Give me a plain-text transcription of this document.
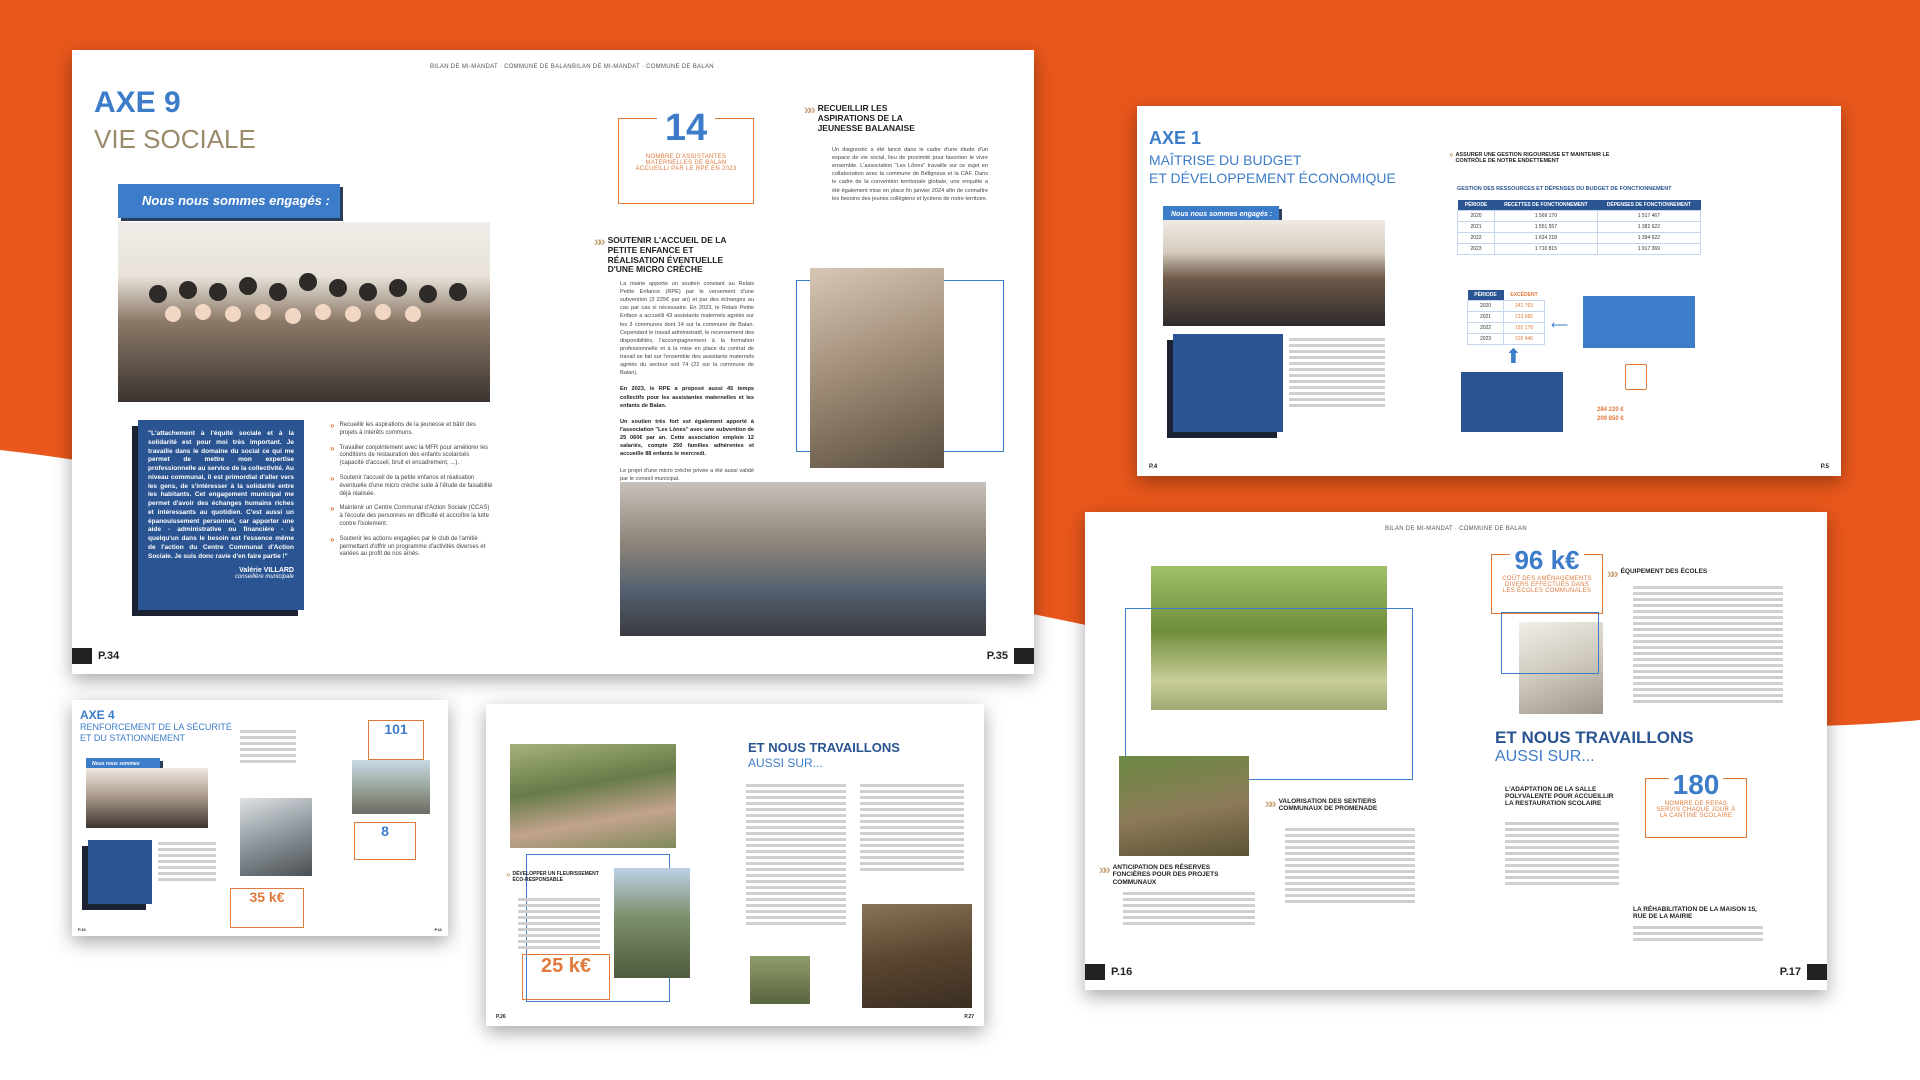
BILAN DE MI-MANDAT · COMMUNE DE BALAN BILAN DE MI-MANDAT · COMMUNE DE BALAN
AXE 9
VIE SOCIALE
Nous nous sommes engagés :

"L'attachement à l'équité sociale et à la solidarité est pour moi très important. Je travaille dans le domaine du social ce qui me permet de mettre mon expertise professionnelle au service de la collectivité. Au niveau communal, il est primordial d'aller vers les gens, de s'intéresser à la solidarité entre les habitants. Cet engagement municipal me permet d'avoir des échanges humains riches et intéressants au quotidien. C'est aussi un épanouissement personnel, car apporter une aide - administrative ou financière - à quelqu'un dans le besoin est l'essence même de l'action du Centre Communal d'Action Sociale. Je suis donc ravie d'en faire partie !"

Valérie VILLARD
conseillère municipale
» Recueillir les aspirations de la jeunesse et bâtir des projets à intérêts communs.
» Travailler conjointement avec la MFR pour améliorer les conditions de restauration des enfants scolarisés (capacité d'accueil, bruit et encadrement, ...).
» Soutenir l'accueil de la petite enfance et réalisation éventuelle d'une micro crèche suite à l'étude de faisabilité déjà réalisée.
» Maintenir un Centre Communal d'Action Sociale (CCAS) à l'écoute des personnes en difficulté et accroître la lutte contre l'isolement.
» Soutenir les actions engagées par le club de l'amitié permettant d'offrir un programme d'activités diverses et variées au profit de nos aînés.
P.34
14
NOMBRE D'ASSISTANTES MATERNELLES DE BALAN ACCUEILLI PAR LE RPE EN 2023
»» SOUTENIR L'ACCUEIL DE LA PETITE ENFANCE ET RÉALISATION ÉVENTUELLE D'UNE MICRO CRÈCHE
La mairie apporte un soutien constant au Relais Petite Enfance (RPE) par le versement d'une subvention (3 225€ par an) et par des échanges au cas par cas si nécessaire. En 2023, le Relais Petite Enface a accueilli 43 assistants maternels agréés sur les 3 communes dont 14 sur la commune de Balan. Cependant le travail administratif, le recensement des disponibilités, l'accompagnement à la formation professionnelle et à la mise en place du contrat de travail se fait sur l'ensemble des assistants maternels agréés du secteur soit 74 (22 sur la commune de Balan).

En 2023, le RPE a proposé aussi 45 temps collectifs pour les assistantes maternelles et les enfants de Balan.

Un soutien très fort est également apporté à l'association "Les Lônes" avec une subvention de 25 060€ par an. Cette association emploie 12 salariés, compte 250 familles adhérentes et accueille 88 enfants le mercredi.

Le projet d'une micro crèche privée a été aussi validé par le conseil municipal.
»» RECUEILLIR LES ASPIRATIONS DE LA JEUNESSE BALANAISE
Un diagnostic a été lancé dans le cadre d'une étude d'un espace de vie social, lieu de proximité pour favoriser le vivre ensemble. L'association "Les Lônes" travaille sur ce sujet en collaboration avec la commune de Béligneux et la CAF. Dans le cadre de la convention territoriale globale, une enquête a été également mise en place fin janvier 2024 afin de connaître les besoins des jeunes collégiens et lycéens de notre territoire.
P.35
AXE 1
MAÎTRISE DU BUDGET
ET DÉVELOPPEMENT ÉCONOMIQUE
Nous nous sommes engagés :
P.4
» ASSURER UNE GESTION RIGOUREUSE ET MAINTENIR LE CONTRÔLE DE NOTRE ENDETTEMENT
GESTION DES RESSOURCES ET DÉPENSES DU BUDGET DE FONCTIONNEMENT
PÉRIODE	RECETTES DE FONCTIONNEMENT	DÉPENSES DE FONCTIONNEMENT
2020	1 569 170	1 517 467
2021	1 551 557	1 382 622
2022	1 624 218	1 394 622
2023	1 710 815	1 917 369
PÉRIODE	EXCÉDENT
2020	241 763
2021	213 685
2022	192 178
2023	316 446
⟵
⬆
284 220 €
209 850 €
P.5
AXE 4
RENFORCEMENT DE LA SÉCURITÉ
ET DU STATIONNEMENT
Nous nous sommes
P.10
101
8
35 k€
P.11
» DÉVELOPPER UN FLEURISSEMENT ÉCO-RESPONSABLE
25 k€
P.26
ET NOUS TRAVAILLONS
AUSSI SUR...
P.27
BILAN DE MI-MANDAT · COMMUNE DE BALAN
»» VALORISATION DES SENTIERS COMMUNAUX DE PROMENADE
»» ANTICIPATION DES RÉSERVES FONCIÈRES POUR DES PROJETS COMMUNAUX
P.16
96 k€
COÛT DES AMÉNAGEMENTS DIVERS EFFECTUÉS DANS LES ÉCOLES COMMUNALES
»» ÉQUIPEMENT DES ÉCOLES
ET NOUS TRAVAILLONS
AUSSI SUR...
L'ADAPTATION DE LA SALLE POLYVALENTE POUR ACCUEILLIR LA RESTAURATION SCOLAIRE
180
NOMBRE DE REPAS SERVIS CHAQUE JOUR À LA CANTINE SCOLAIRE
LA RÉHABILITATION DE LA MAISON 15, RUE DE LA MAIRIE
P.17
